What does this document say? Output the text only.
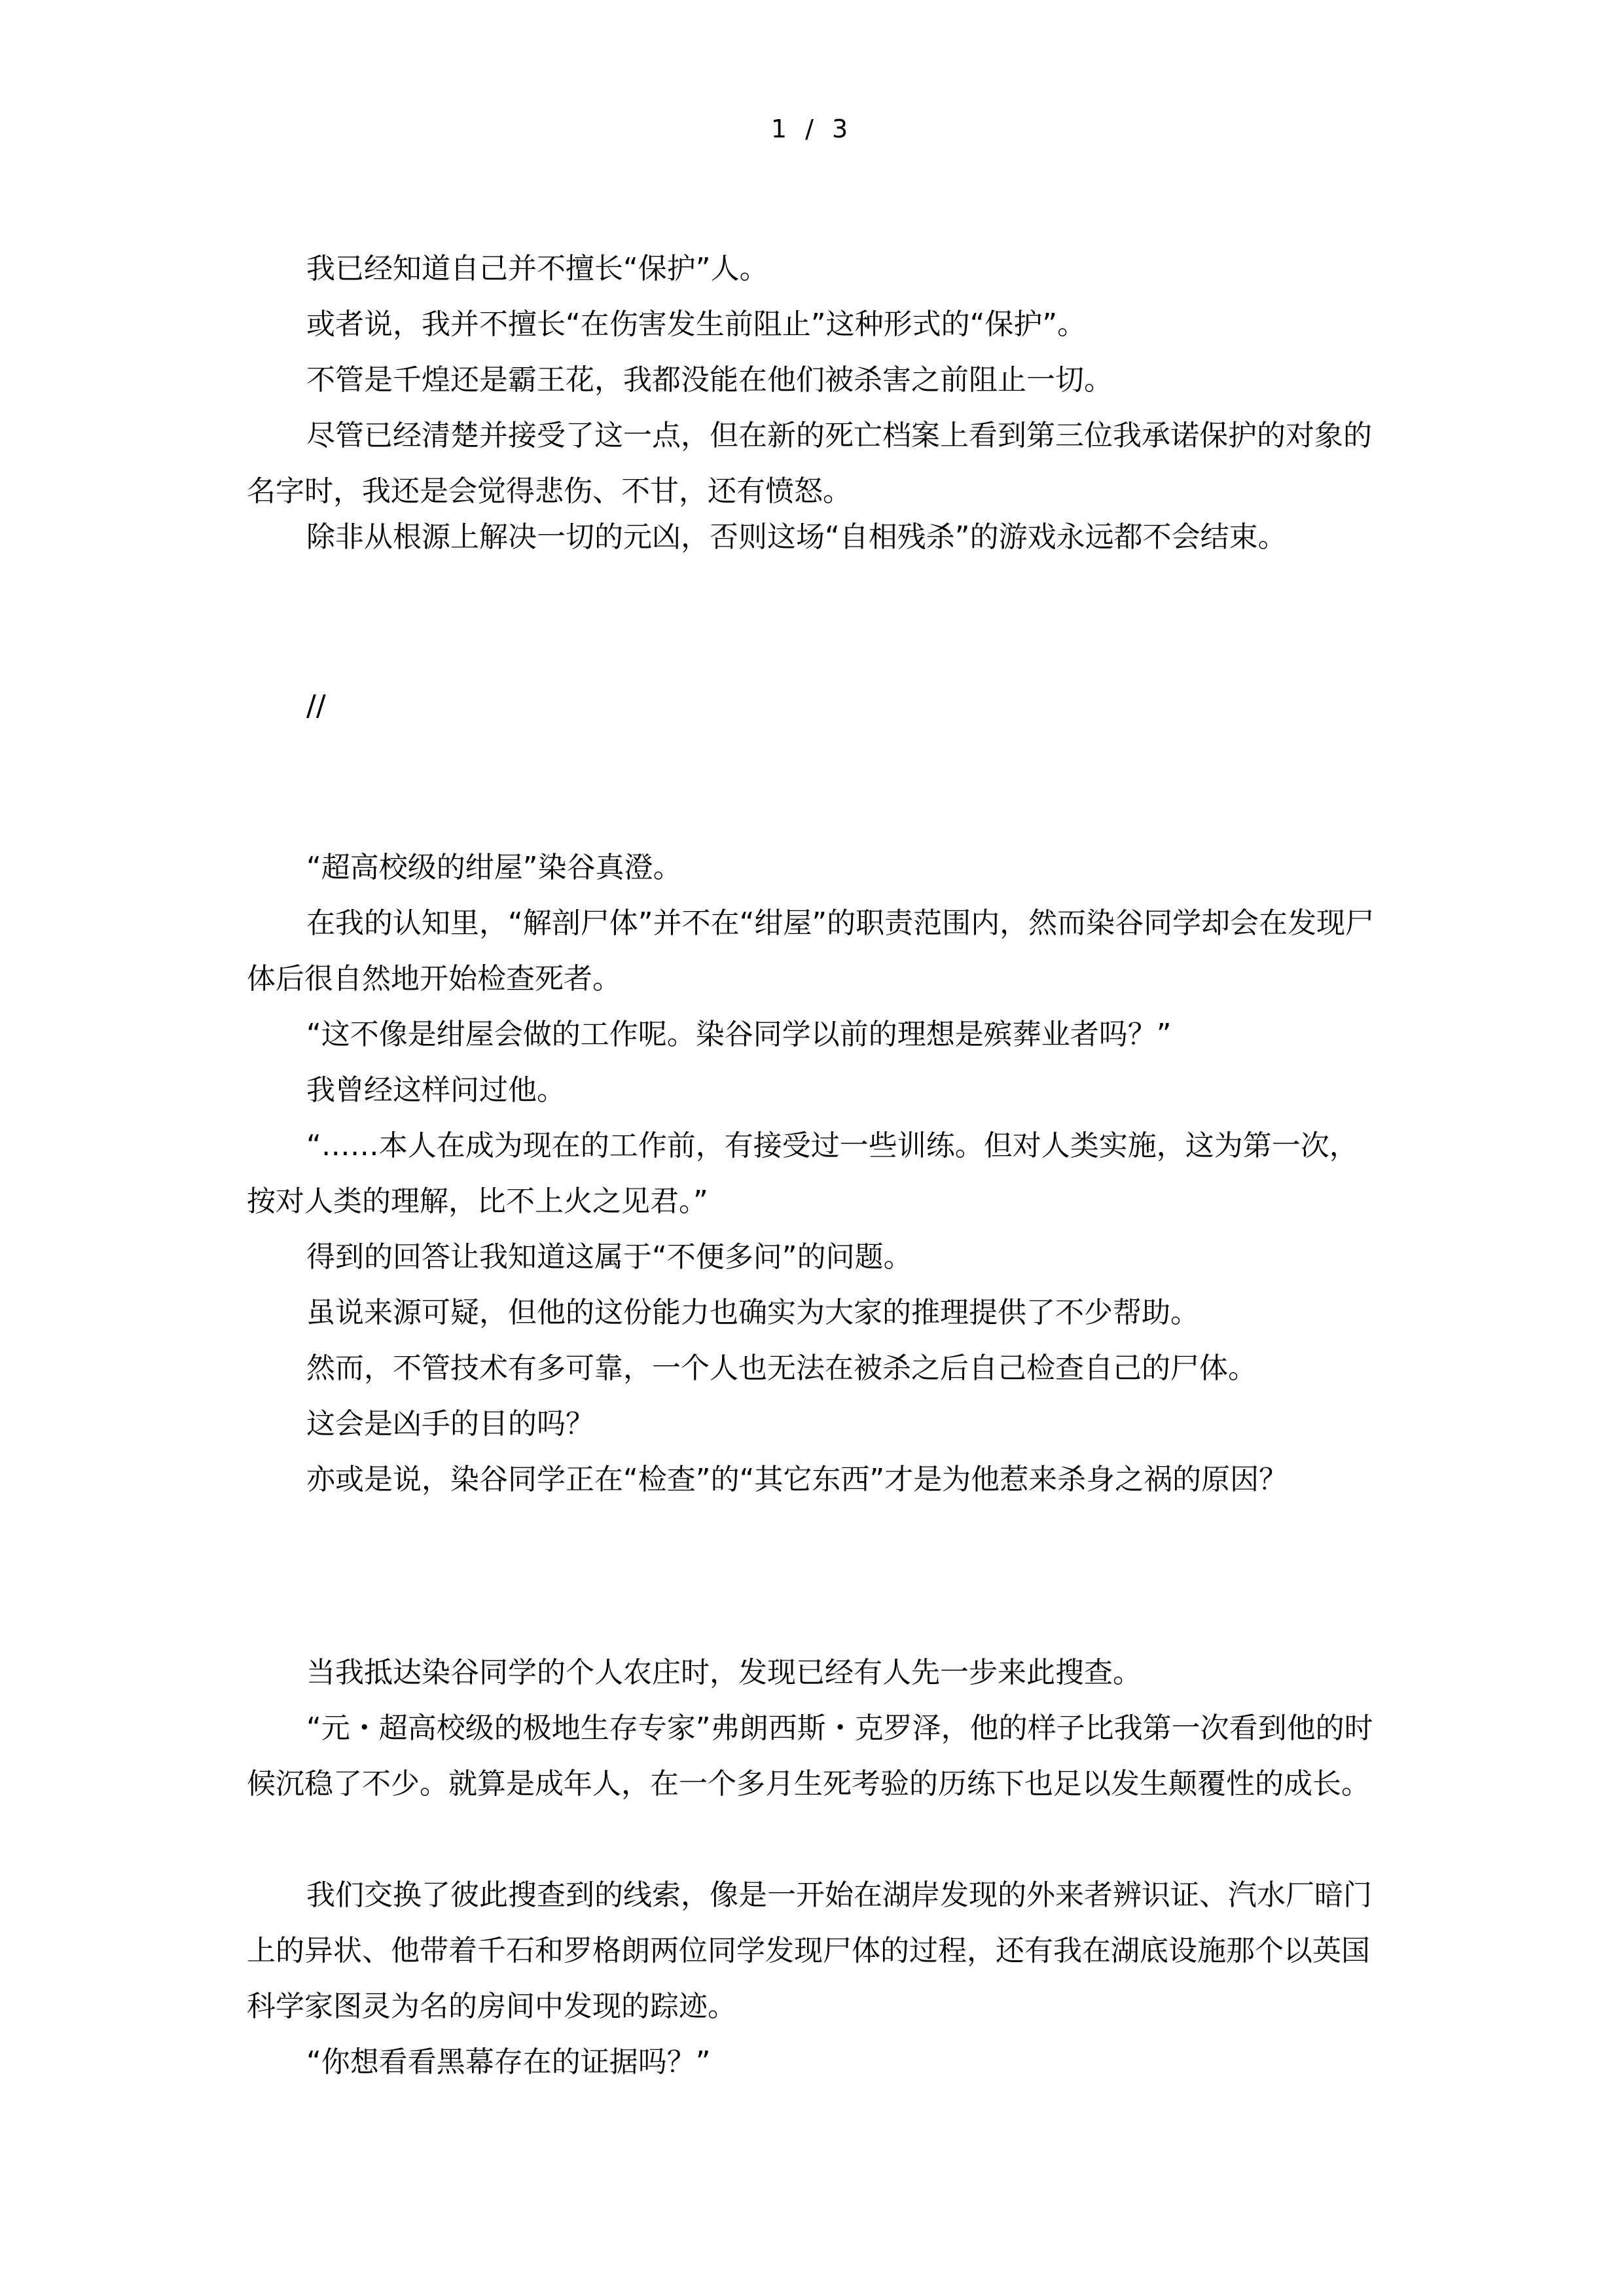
1 / 3

我已经知道自己并不擅长“保护”人。

或者说，我并不擅长“在伤害发生前阻止”这种形式的“保护”。

不管是千煌还是霸王花，我都没能在他们被杀害之前阻止一切。

尽管已经清楚并接受了这一点，但在新的死亡档案上看到第三位我承诺保护的对象的名字时，我还是会觉得悲伤、不甘，还有愤怒。

除非从根源上解决一切的元凶，否则这场“自相残杀”的游戏永远都不会结束。

//

“超高校级的绀屋”染谷真澄。

在我的认知里，“解剖尸体”并不在“绀屋”的职责范围内，然而染谷同学却会在发现尸体后很自然地开始检查死者。

“这不像是绀屋会做的工作呢。染谷同学以前的理想是殡葬业者吗？”

我曾经这样问过他。

“……本人在成为现在的工作前，有接受过一些训练。但对人类实施，这为第一次，按对人类的理解，比不上火之见君。”

得到的回答让我知道这属于“不便多问”的问题。

虽说来源可疑，但他的这份能力也确实为大家的推理提供了不少帮助。

然而，不管技术有多可靠，一个人也无法在被杀之后自己检查自己的尸体。

这会是凶手的目的吗？

亦或是说，染谷同学正在“检查”的“其它东西”才是为他惹来杀身之祸的原因？

当我抵达染谷同学的个人农庄时，发现已经有人先一步来此搜查。

“元・超高校级的极地生存专家”弗朗西斯・克罗泽，他的样子比我第一次看到他的时候沉稳了不少。就算是成年人，在一个多月生死考验的历练下也足以发生颠覆性的成长。

我们交换了彼此搜查到的线索，像是一开始在湖岸发现的外来者辨识证、汽水厂暗门上的异状、他带着千石和罗格朗两位同学发现尸体的过程，还有我在湖底设施那个以英国科学家图灵为名的房间中发现的踪迹。

“你想看看黑幕存在的证据吗？”
